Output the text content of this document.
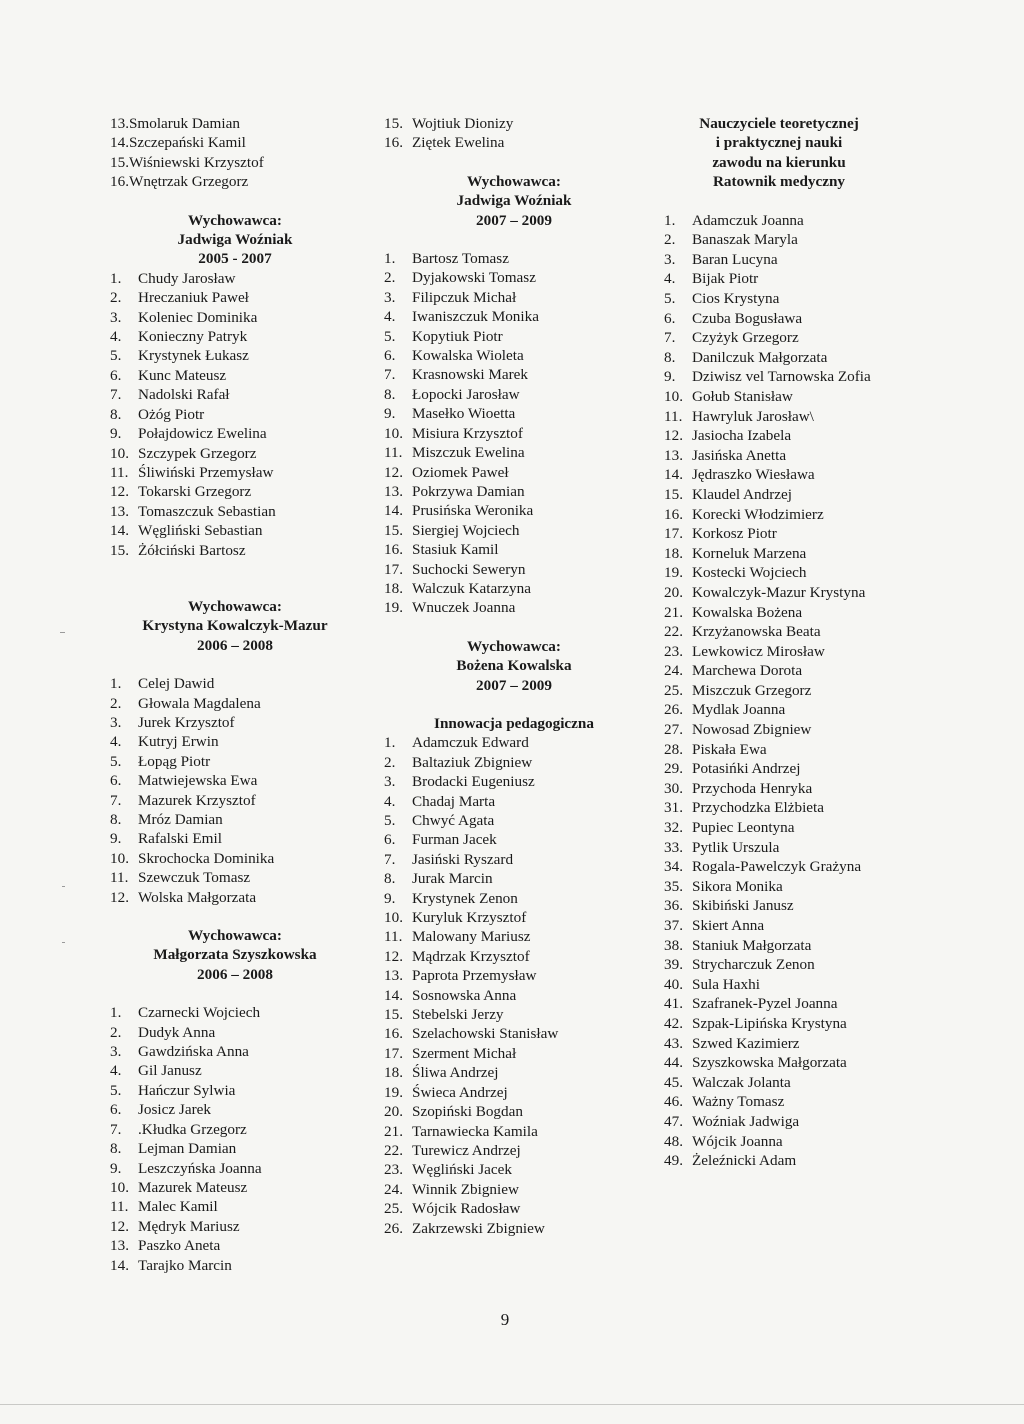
13.Smolaruk Damian
14.Szczepański Kamil
15.Wiśniewski Krzysztof
16.Wnętrzak Grzegorz
Wychowawca:
Jadwiga Woźniak
2005 - 2007
1.	Chudy Jarosław
2.	Hreczaniuk Paweł
3.	Koleniec Dominika
4.	Konieczny Patryk
5.	Krystynek Łukasz
6.	Kunc Mateusz
7.	Nadolski Rafał
8.	Ożóg Piotr
9.	Połajdowicz Ewelina
10. Szczypek Grzegorz
11. Śliwiński Przemysław
12. Tokarski Grzegorz
13. Tomaszczuk Sebastian
14. Węgliński Sebastian
15. Żółciński Bartosz
Wychowawca:
Krystyna Kowalczyk-Mazur
2006 – 2008
1.	Celej Dawid
2.	Głowala Magdalena
3.	Jurek Krzysztof
4.	Kutryj Erwin
5.	Łopąg Piotr
6.	Matwiejewska Ewa
7.	Mazurek Krzysztof
8.	Mróz Damian
9.	Rafalski Emil
10. Skrochocka Dominika
11. Szewczuk Tomasz
12. Wolska Małgorzata
Wychowawca:
Małgorzata Szyszkowska
2006 – 2008
1.	Czarnecki Wojciech
2.	Dudyk Anna
3.	Gawdzińska Anna
4.	Gil Janusz
5.	Hańczur Sylwia
6.	Josicz Jarek
7.	.Kłudka Grzegorz
8.	Lejman Damian
9.	Leszczyńska Joanna
10. Mazurek Mateusz
11. Malec Kamil
12. Mędryk Mariusz
13. Paszko Aneta
14. Tarajko Marcin
15. Wojtiuk Dionizy
16. Ziętek Ewelina
Wychowawca:
Jadwiga Woźniak
2007 – 2009
1.	Bartosz Tomasz
2.	Dyjakowski Tomasz
3.	Filipczuk Michał
4.	Iwaniszczuk Monika
5.	Kopytiuk Piotr
6.	Kowalska Wioleta
7.	Krasnowski Marek
8.	Łopocki Jarosław
9.	Masełko Wioetta
10. Misiura Krzysztof
11. Miszczuk Ewelina
12. Oziomek Paweł
13. Pokrzywa Damian
14. Prusińska Weronika
15. Siergiej Wojciech
16. Stasiuk Kamil
17. Suchocki Seweryn
18. Walczuk Katarzyna
19. Wnuczek Joanna
Wychowawca:
Bożena Kowalska
2007 – 2009
Innowacja pedagogiczna
1.	Adamczuk Edward
2.	Baltaziuk Zbigniew
3.	Brodacki Eugeniusz
4.	Chadaj Marta
5.	Chwyć Agata
6.	Furman Jacek
7.	Jasiński Ryszard
8.	Jurak Marcin
9.	Krystynek Zenon
10. Kuryluk Krzysztof
11. Malowany Mariusz
12. Mądrzak Krzysztof
13. Paprota Przemysław
14. Sosnowska Anna
15. Stebelski Jerzy
16. Szelachowski Stanisław
17. Szerment Michał
18. Śliwa Andrzej
19. Świeca Andrzej
20. Szopiński Bogdan
21. Tarnawiecka Kamila
22. Turewicz Andrzej
23. Węgliński Jacek
24. Winnik Zbigniew
25. Wójcik Radosław
26. Zakrzewski Zbigniew
Nauczyciele teoretycznej
i praktycznej nauki
zawodu na kierunku
Ratownik medyczny
1.	Adamczuk Joanna
2.	Banaszak Maryla
3.	Baran Lucyna
4.	Bijak Piotr
5.	Cios Krystyna
6.	Czuba Bogusława
7.	Czyżyk Grzegorz
8.	Danilczuk Małgorzata
9.	Dziwisz vel Tarnowska Zofia
10. Gołub Stanisław
11. Hawryluk Jarosław\
12. Jasiocha Izabela
13. Jasińska Anetta
14. Jędraszko Wiesława
15. Klaudel Andrzej
16. Korecki Włodzimierz
17. Korkosz Piotr
18. Korneluk Marzena
19. Kostecki Wojciech
20. Kowalczyk-Mazur Krystyna
21. Kowalska Bożena
22. Krzyżanowska Beata
23. Lewkowicz Mirosław
24. Marchewa Dorota
25. Miszczuk Grzegorz
26. Mydlak Joanna
27. Nowosad Zbigniew
28. Piskała Ewa
29. Potasińki Andrzej
30. Przychoda Henryka
31. Przychodzka Elżbieta
32. Pupiec Leontyna
33. Pytlik Urszula
34. Rogala-Pawelczyk Grażyna
35. Sikora Monika
36. Skibiński Janusz
37. Skiert Anna
38. Staniuk Małgorzata
39. Strycharczuk Zenon
40. Sula Haxhi
41. Szafranek-Pyzel Joanna
42. Szpak-Lipińska Krystyna
43. Szwed Kazimierz
44. Szyszkowska Małgorzata
45. Walczak Jolanta
46. Ważny Tomasz
47. Woźniak Jadwiga
48. Wójcik Joanna
49. Żeleźnicki Adam
9
